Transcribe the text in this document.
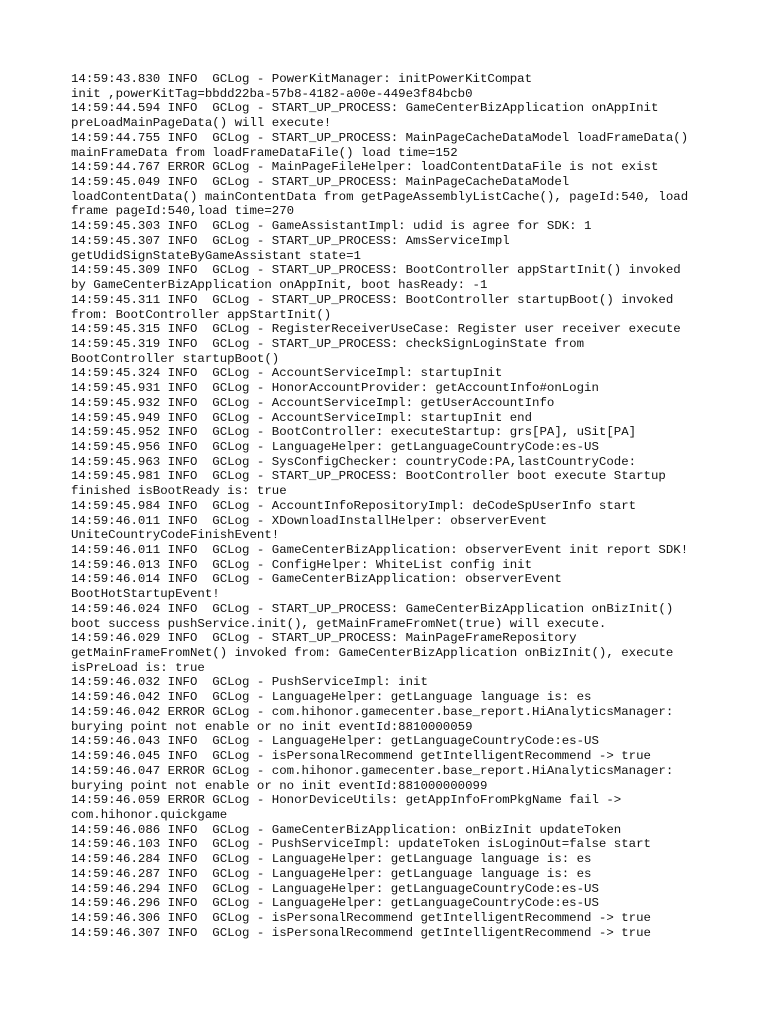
14:59:43.830 INFO  GCLog - PowerKitManager: initPowerKitCompat
init ,powerKitTag=bbdd22ba-57b8-4182-a00e-449e3f84bcb0
14:59:44.594 INFO  GCLog - START_UP_PROCESS: GameCenterBizApplication onAppInit
preLoadMainPageData() will execute!
14:59:44.755 INFO  GCLog - START_UP_PROCESS: MainPageCacheDataModel loadFrameData()
mainFrameData from loadFrameDataFile() load time=152
14:59:44.767 ERROR GCLog - MainPageFileHelper: loadContentDataFile is not exist
14:59:45.049 INFO  GCLog - START_UP_PROCESS: MainPageCacheDataModel
loadContentData() mainContentData from getPageAssemblyListCache(), pageId:540, load
frame pageId:540,load time=270
14:59:45.303 INFO  GCLog - GameAssistantImpl: udid is agree for SDK: 1
14:59:45.307 INFO  GCLog - START_UP_PROCESS: AmsServiceImpl
getUdidSignStateByGameAssistant state=1
14:59:45.309 INFO  GCLog - START_UP_PROCESS: BootController appStartInit() invoked
by GameCenterBizApplication onAppInit, boot hasReady: -1
14:59:45.311 INFO  GCLog - START_UP_PROCESS: BootController startupBoot() invoked
from: BootController appStartInit()
14:59:45.315 INFO  GCLog - RegisterReceiverUseCase: Register user receiver execute
14:59:45.319 INFO  GCLog - START_UP_PROCESS: checkSignLoginState from
BootController startupBoot()
14:59:45.324 INFO  GCLog - AccountServiceImpl: startupInit
14:59:45.931 INFO  GCLog - HonorAccountProvider: getAccountInfo#onLogin
14:59:45.932 INFO  GCLog - AccountServiceImpl: getUserAccountInfo
14:59:45.949 INFO  GCLog - AccountServiceImpl: startupInit end
14:59:45.952 INFO  GCLog - BootController: executeStartup: grs[PA], uSit[PA]
14:59:45.956 INFO  GCLog - LanguageHelper: getLanguageCountryCode:es-US
14:59:45.963 INFO  GCLog - SysConfigChecker: countryCode:PA,lastCountryCode:
14:59:45.981 INFO  GCLog - START_UP_PROCESS: BootController boot execute Startup
finished isBootReady is: true
14:59:45.984 INFO  GCLog - AccountInfoRepositoryImpl: deCodeSpUserInfo start
14:59:46.011 INFO  GCLog - XDownloadInstallHelper: observerEvent
UniteCountryCodeFinishEvent!
14:59:46.011 INFO  GCLog - GameCenterBizApplication: observerEvent init report SDK!
14:59:46.013 INFO  GCLog - ConfigHelper: WhiteList config init
14:59:46.014 INFO  GCLog - GameCenterBizApplication: observerEvent
BootHotStartupEvent!
14:59:46.024 INFO  GCLog - START_UP_PROCESS: GameCenterBizApplication onBizInit()
boot success pushService.init(), getMainFrameFromNet(true) will execute.
14:59:46.029 INFO  GCLog - START_UP_PROCESS: MainPageFrameRepository
getMainFrameFromNet() invoked from: GameCenterBizApplication onBizInit(), execute
isPreLoad is: true
14:59:46.032 INFO  GCLog - PushServiceImpl: init
14:59:46.042 INFO  GCLog - LanguageHelper: getLanguage language is: es
14:59:46.042 ERROR GCLog - com.hihonor.gamecenter.base_report.HiAnalyticsManager:
burying point not enable or no init eventId:8810000059
14:59:46.043 INFO  GCLog - LanguageHelper: getLanguageCountryCode:es-US
14:59:46.045 INFO  GCLog - isPersonalRecommend getIntelligentRecommend -> true
14:59:46.047 ERROR GCLog - com.hihonor.gamecenter.base_report.HiAnalyticsManager:
burying point not enable or no init eventId:881000000099
14:59:46.059 ERROR GCLog - HonorDeviceUtils: getAppInfoFromPkgName fail ->
com.hihonor.quickgame
14:59:46.086 INFO  GCLog - GameCenterBizApplication: onBizInit updateToken
14:59:46.103 INFO  GCLog - PushServiceImpl: updateToken isLoginOut=false start
14:59:46.284 INFO  GCLog - LanguageHelper: getLanguage language is: es
14:59:46.287 INFO  GCLog - LanguageHelper: getLanguage language is: es
14:59:46.294 INFO  GCLog - LanguageHelper: getLanguageCountryCode:es-US
14:59:46.296 INFO  GCLog - LanguageHelper: getLanguageCountryCode:es-US
14:59:46.306 INFO  GCLog - isPersonalRecommend getIntelligentRecommend -> true
14:59:46.307 INFO  GCLog - isPersonalRecommend getIntelligentRecommend -> true
